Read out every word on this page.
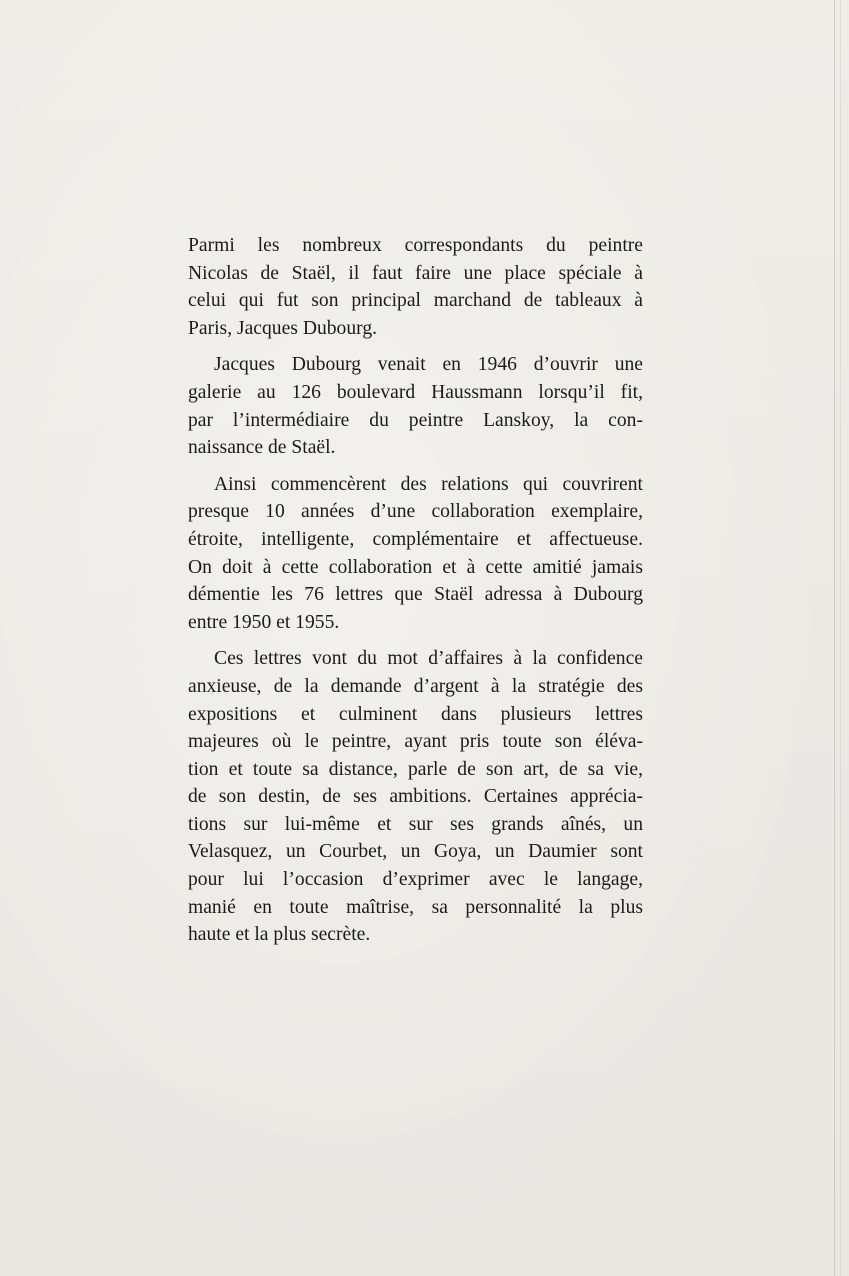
Parmi les nombreux correspondants du peintre
Nicolas de Staël, il faut faire une place spéciale à
celui qui fut son principal marchand de tableaux à
Paris, Jacques Dubourg.

Jacques Dubourg venait en 1946 d’ouvrir une
galerie au 126 boulevard Haussmann lorsqu’il fit,
par l’intermédiaire du peintre Lanskoy, la con-
naissance de Staël.

Ainsi commencèrent des relations qui couvrirent
presque 10 années d’une collaboration exemplaire,
étroite, intelligente, complémentaire et affectueuse.
On doit à cette collaboration et à cette amitié jamais
démentie les 76 lettres que Staël adressa à Dubourg
entre 1950 et 1955.

Ces lettres vont du mot d’affaires à la confidence
anxieuse, de la demande d’argent à la stratégie des
expositions et culminent dans plusieurs lettres
majeures où le peintre, ayant pris toute son éléva-
tion et toute sa distance, parle de son art, de sa vie,
de son destin, de ses ambitions. Certaines apprécia-
tions sur lui-même et sur ses grands aînés, un
Velasquez, un Courbet, un Goya, un Daumier sont
pour lui l’occasion d’exprimer avec le langage,
manié en toute maîtrise, sa personnalité la plus
haute et la plus secrète.
